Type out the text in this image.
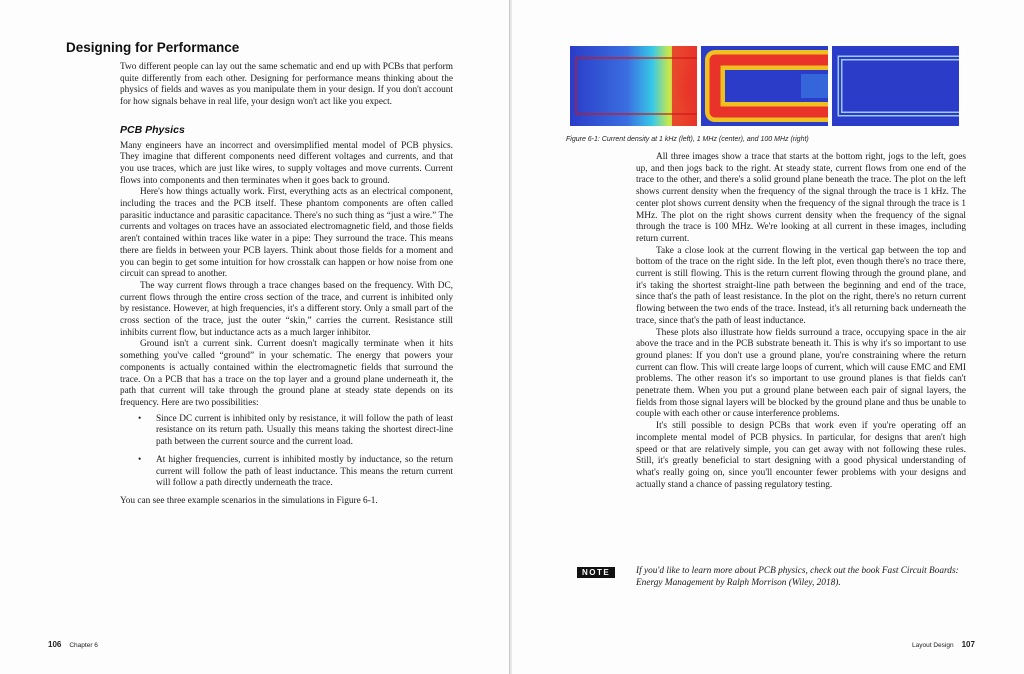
Designing for Performance

Two different people can lay out the same schematic and end up with PCBs that perform quite differently from each other. Designing for performance means thinking about the physics of fields and waves as you manipulate them in your design. If you don't account for how signals behave in real life, your design won't act like you expect.

PCB Physics

Many engineers have an incorrect and oversimplified mental model of PCB physics. They imagine that different components need different voltages and currents, and that you use traces, which are just like wires, to supply voltages and move currents. Current flows into components and then terminates when it goes back to ground.

Here's how things actually work. First, everything acts as an electrical component, including the traces and the PCB itself. These phantom components are often called parasitic inductance and parasitic capacitance. There's no such thing as “just a wire.” The currents and voltages on traces have an associated electromagnetic field, and those fields aren't contained within traces like water in a pipe: They surround the trace. This means there are fields in between your PCB layers. Think about those fields for a moment and you can begin to get some intuition for how crosstalk can happen or how noise from one circuit can spread to another.

The way current flows through a trace changes based on the frequency. With DC, current flows through the entire cross section of the trace, and current is inhibited only by resistance. However, at high frequencies, it's a different story. Only a small part of the cross section of the trace, just the outer “skin,” carries the current. Resistance still inhibits current flow, but inductance acts as a much larger inhibitor.

Ground isn't a current sink. Current doesn't magically terminate when it hits something you've called “ground” in your schematic. The energy that powers your components is actually contained within the electromagnetic fields that surround the trace. On a PCB that has a trace on the top layer and a ground plane underneath it, the path that current will take through the ground plane at steady state depends on its frequency. Here are two possibilities:

• Since DC current is inhibited only by resistance, it will follow the path of least resistance on its return path. Usually this means taking the shortest direct-line path between the current source and the current load.
• At higher frequencies, current is inhibited mostly by inductance, so the return current will follow the path of least inductance. This means the return current will follow a path directly underneath the trace.

You can see three example scenarios in the simulations in Figure 6-1.

106 Chapter 6
Figure 6-1: Current density at 1 kHz (left), 1 MHz (center), and 100 MHz (right)

All three images show a trace that starts at the bottom right, jogs to the left, goes up, and then jogs back to the right. At steady state, current flows from one end of the trace to the other, and there's a solid ground plane beneath the trace. The plot on the left shows current density when the frequency of the signal through the trace is 1 kHz. The center plot shows current density when the frequency of the signal through the trace is 1 MHz. The plot on the right shows current density when the frequency of the signal through the trace is 100 MHz. We're looking at all current in these images, including return current.

Take a close look at the current flowing in the vertical gap between the top and bottom of the trace on the right side. In the left plot, even though there's no trace there, current is still flowing. This is the return current flowing through the ground plane, and it's taking the shortest straight-line path between the beginning and end of the trace, since that's the path of least resistance. In the plot on the right, there's no return current flowing between the two ends of the trace. Instead, it's all returning back underneath the trace, since that's the path of least inductance.

These plots also illustrate how fields surround a trace, occupying space in the air above the trace and in the PCB substrate beneath it. This is why it's so important to use ground planes: If you don't use a ground plane, you're constraining where the return current can flow. This will create large loops of current, which will cause EMC and EMI problems. The other reason it's so important to use ground planes is that fields can't penetrate them. When you put a ground plane between each pair of signal layers, the fields from those signal layers will be blocked by the ground plane and thus be unable to couple with each other or cause interference problems.

It's still possible to design PCBs that work even if you're operating off an incomplete mental model of PCB physics. In particular, for designs that aren't high speed or that are relatively simple, you can get away with not following these rules. Still, it's greatly beneficial to start designing with a good physical understanding of what's really going on, since you'll encounter fewer problems with your designs and actually stand a chance of passing regulatory testing.

NOTE	If you'd like to learn more about PCB physics, check out the book Fast Circuit Boards: Energy Management by Ralph Morrison (Wiley, 2018).
Layout Design 107
